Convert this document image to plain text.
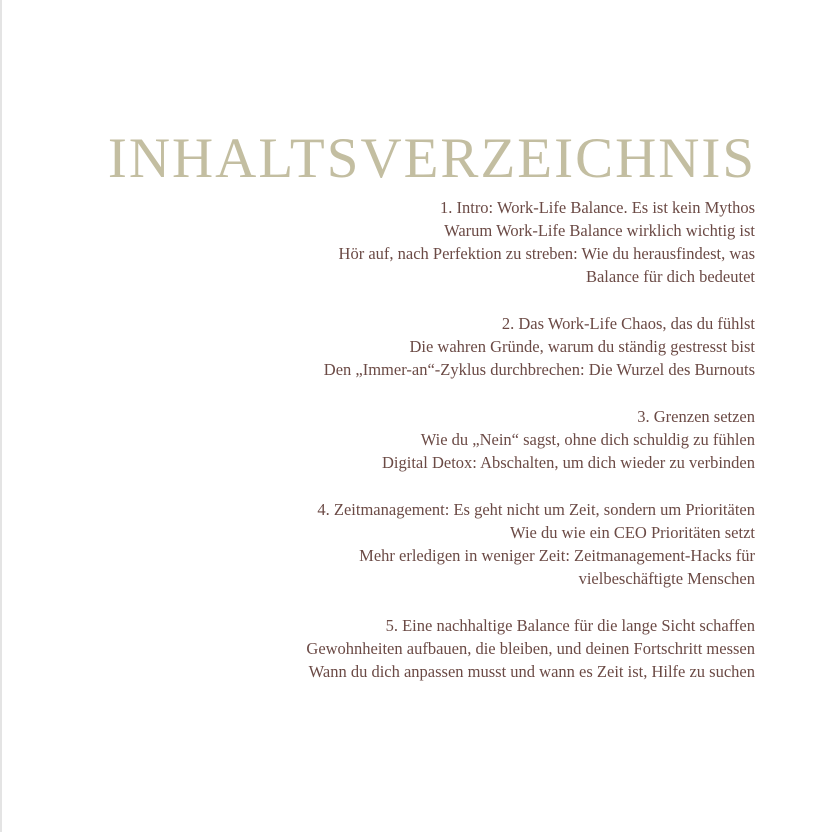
INHALTSVERZEICHNIS
1. Intro: Work-Life Balance. Es ist kein Mythos
Warum Work-Life Balance wirklich wichtig ist
Hör auf, nach Perfektion zu streben: Wie du herausfindest, was Balance für dich bedeutet
2. Das Work-Life Chaos, das du fühlst
Die wahren Gründe, warum du ständig gestresst bist
Den „Immer-an“-Zyklus durchbrechen: Die Wurzel des Burnouts
3. Grenzen setzen
Wie du „Nein“ sagst, ohne dich schuldig zu fühlen
Digital Detox: Abschalten, um dich wieder zu verbinden
4. Zeitmanagement: Es geht nicht um Zeit, sondern um Prioritäten
Wie du wie ein CEO Prioritäten setzt
Mehr erledigen in weniger Zeit: Zeitmanagement-Hacks für vielbeschäftigte Menschen
5. Eine nachhaltige Balance für die lange Sicht schaffen
Gewohnheiten aufbauen, die bleiben, und deinen Fortschritt messen
Wann du dich anpassen musst und wann es Zeit ist, Hilfe zu suchen
